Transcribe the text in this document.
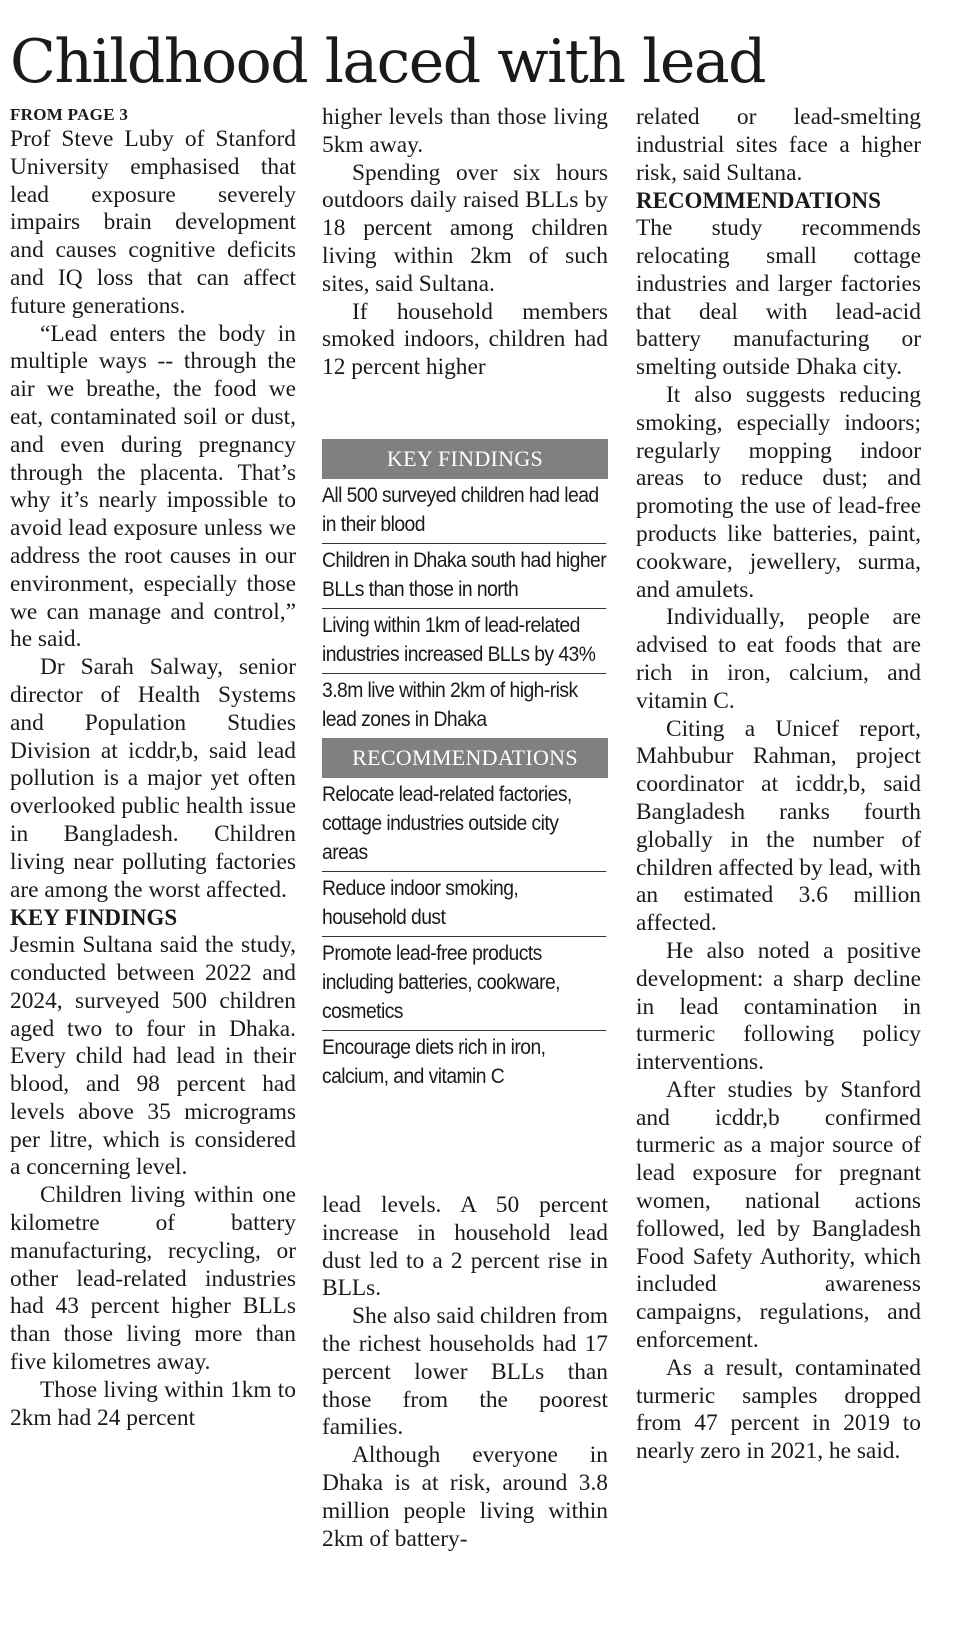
Childhood laced with lead
FROM PAGE 3

Prof Steve Luby of Stanford University emphasised that lead exposure severely impairs brain development and causes cognitive deficits and IQ loss that can affect future generations.

“Lead enters the body in multiple ways -- through the air we breathe, the food we eat, contaminated soil or dust, and even during pregnancy through the placenta. That’s why it’s nearly impossible to avoid lead exposure unless we address the root causes in our environment, especially those we can manage and control,” he said.

Dr Sarah Salway, senior director of Health Systems and Population Studies Division at icddr,b, said lead pollution is a major yet often overlooked public health issue in Bangladesh. Children living near polluting factories are among the worst affected.

KEY FINDINGS

Jesmin Sultana said the study, conducted between 2022 and 2024, surveyed 500 children aged two to four in Dhaka. Every child had lead in their blood, and 98 percent had levels above 35 micrograms per litre, which is considered a concerning level.

Children living within one kilometre of battery manufacturing, recycling, or other lead-related industries had 43 percent higher BLLs than those living more than five kilometres away.

Those living within 1km to 2km had 24 percent

higher levels than those living 5km away.

Spending over six hours outdoors daily raised BLLs by 18 percent among children living within 2km of such sites, said Sultana.

If household members smoked indoors, children had 12 percent higher

KEY FINDINGS
All 500 surveyed children had lead in their blood
Children in Dhaka south had higher BLLs than those in north
Living within 1km of lead-related industries increased BLLs by 43%
3.8m live within 2km of high-risk lead zones in Dhaka
RECOMMENDATIONS
Relocate lead-related factories, cottage industries outside city areas
Reduce indoor smoking, household dust
Promote lead-free products including batteries, cookware, cosmetics
Encourage diets rich in iron, calcium, and vitamin C

lead levels. A 50 percent increase in household lead dust led to a 2 percent rise in BLLs.

She also said children from the richest households had 17 percent lower BLLs than those from the poorest families.

Although everyone in Dhaka is at risk, around 3.8 million people living within 2km of battery-

related or lead-smelting industrial sites face a higher risk, said Sultana.

RECOMMENDATIONS

The study recommends relocating small cottage industries and larger factories that deal with lead-acid battery manufacturing or smelting outside Dhaka city.

It also suggests reducing smoking, especially indoors; regularly mopping indoor areas to reduce dust; and promoting the use of lead-free products like batteries, paint, cookware, jewellery, surma, and amulets.

Individually, people are advised to eat foods that are rich in iron, calcium, and vitamin C.

Citing a Unicef report, Mahbubur Rahman, project coordinator at icddr,b, said Bangladesh ranks fourth globally in the number of children affected by lead, with an estimated 3.6 million affected.

He also noted a positive development: a sharp decline in lead contamination in turmeric following policy interventions.

After studies by Stanford and icddr,b confirmed turmeric as a major source of lead exposure for pregnant women, national actions followed, led by Bangladesh Food Safety Authority, which included awareness campaigns, regulations, and enforcement.

As a result, contaminated turmeric samples dropped from 47 percent in 2019 to nearly zero in 2021, he said.
